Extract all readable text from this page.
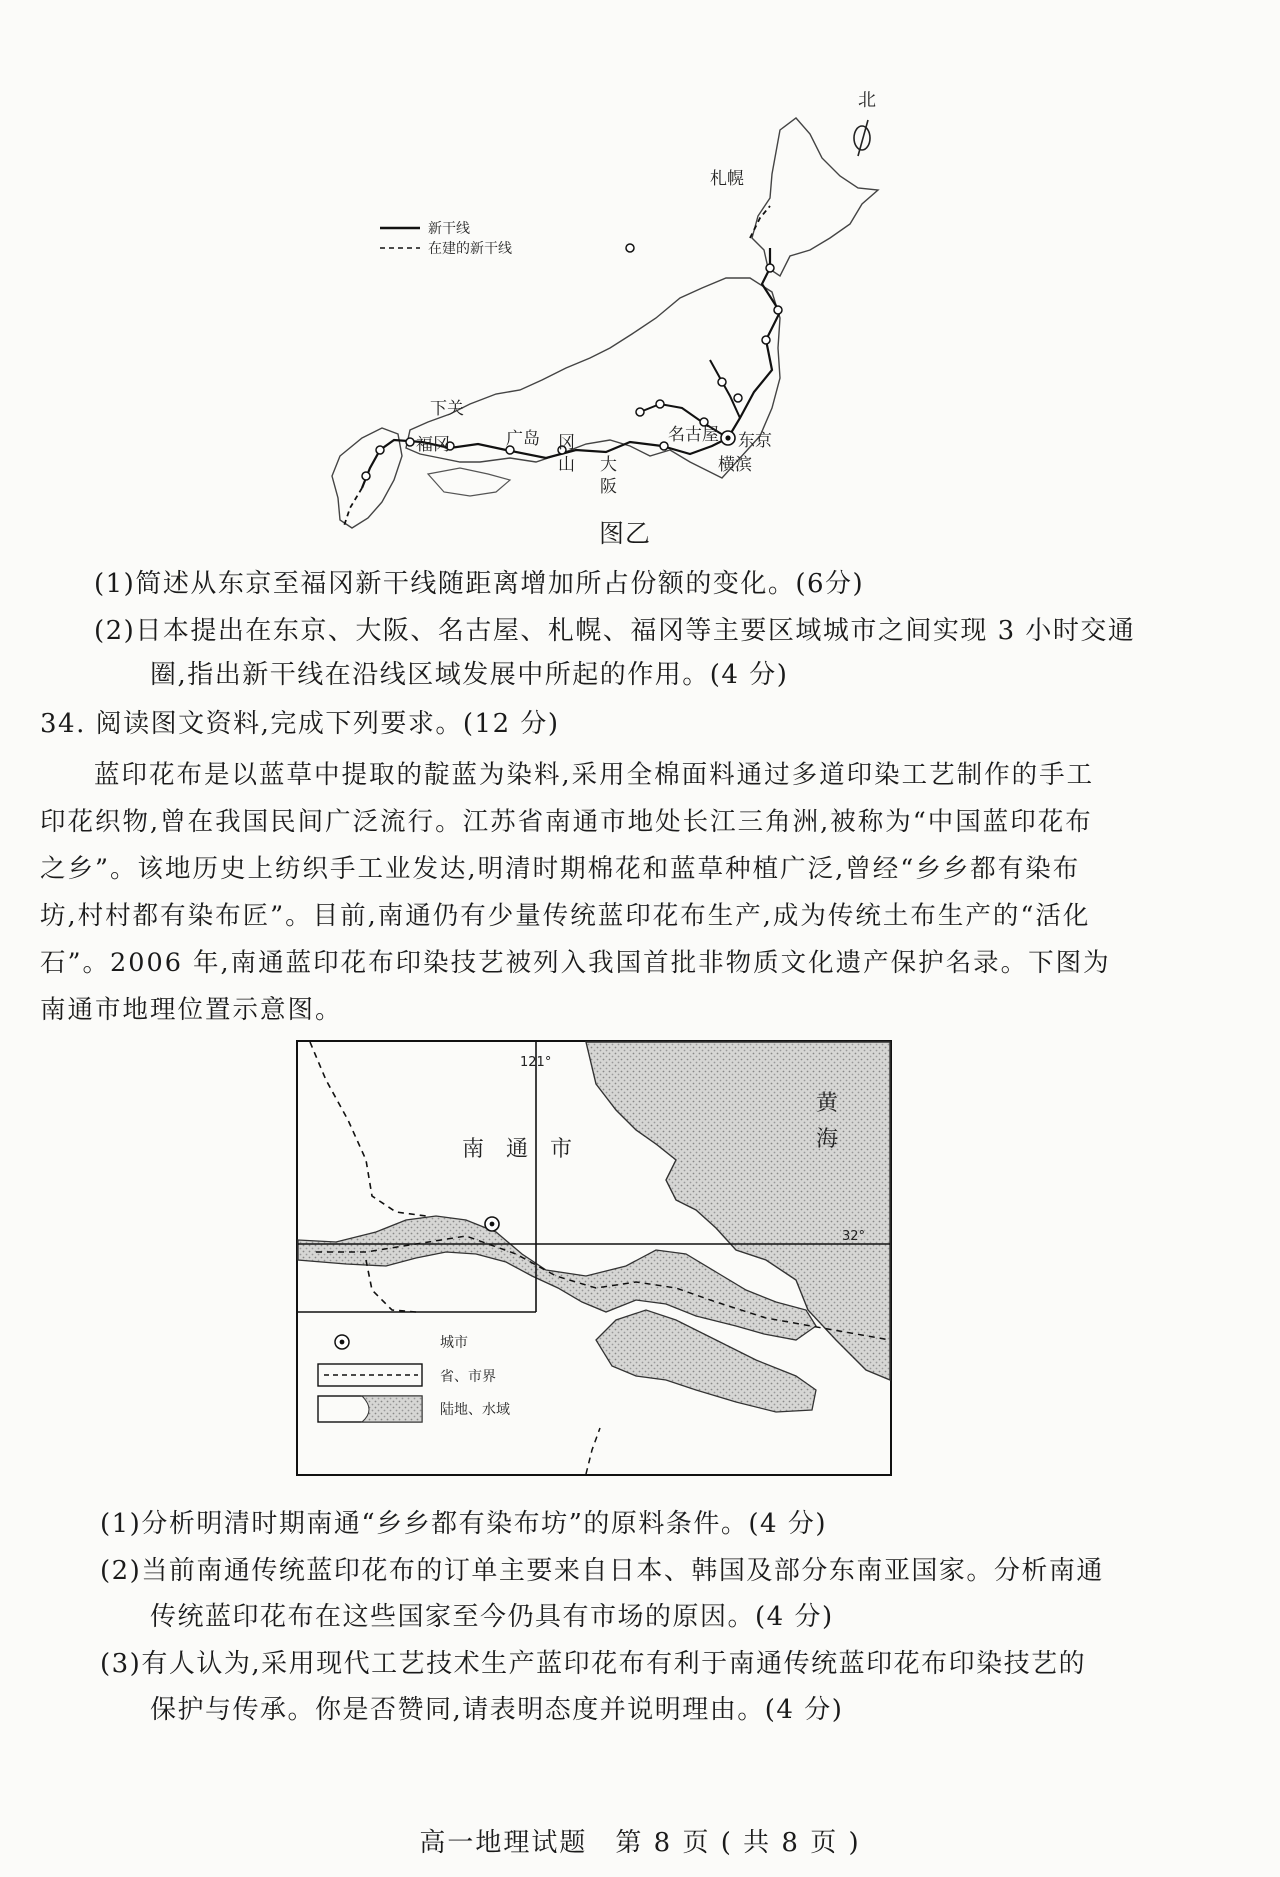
北
新干线
在建的新干线
札幌
东京
横滨
名古屋
大
阪
冈
山
广岛
下关
福冈
图乙
(1)简述从东京至福冈新干线随距离增加所占份额的变化。(6分)
(2)日本提出在东京、大阪、名古屋、札幌、福冈等主要区域城市之间实现 3 小时交通
圈,指出新干线在沿线区域发展中所起的作用。(4 分)
34. 阅读图文资料,完成下列要求。(12 分)
蓝印花布是以蓝草中提取的靛蓝为染料,采用全棉面料通过多道印染工艺制作的手工
印花织物,曾在我国民间广泛流行。江苏省南通市地处长江三角洲,被称为“中国蓝印花布
之乡”。该地历史上纺织手工业发达,明清时期棉花和蓝草种植广泛,曾经“乡乡都有染布
坊,村村都有染布匠”。目前,南通仍有少量传统蓝印花布生产,成为传统土布生产的“活化
石”。2006 年,南通蓝印花布印染技艺被列入我国首批非物质文化遗产保护名录。下图为
南通市地理位置示意图。
121°
32°
南　通　市
黄
海
城市
省、市界
陆地、水域
(1)分析明清时期南通“乡乡都有染布坊”的原料条件。(4 分)
(2)当前南通传统蓝印花布的订单主要来自日本、韩国及部分东南亚国家。分析南通
传统蓝印花布在这些国家至今仍具有市场的原因。(4 分)
(3)有人认为,采用现代工艺技术生产蓝印花布有利于南通传统蓝印花布印染技艺的
保护与传承。你是否赞同,请表明态度并说明理由。(4 分)
高一地理试题　第 8 页 ( 共 8 页 )
